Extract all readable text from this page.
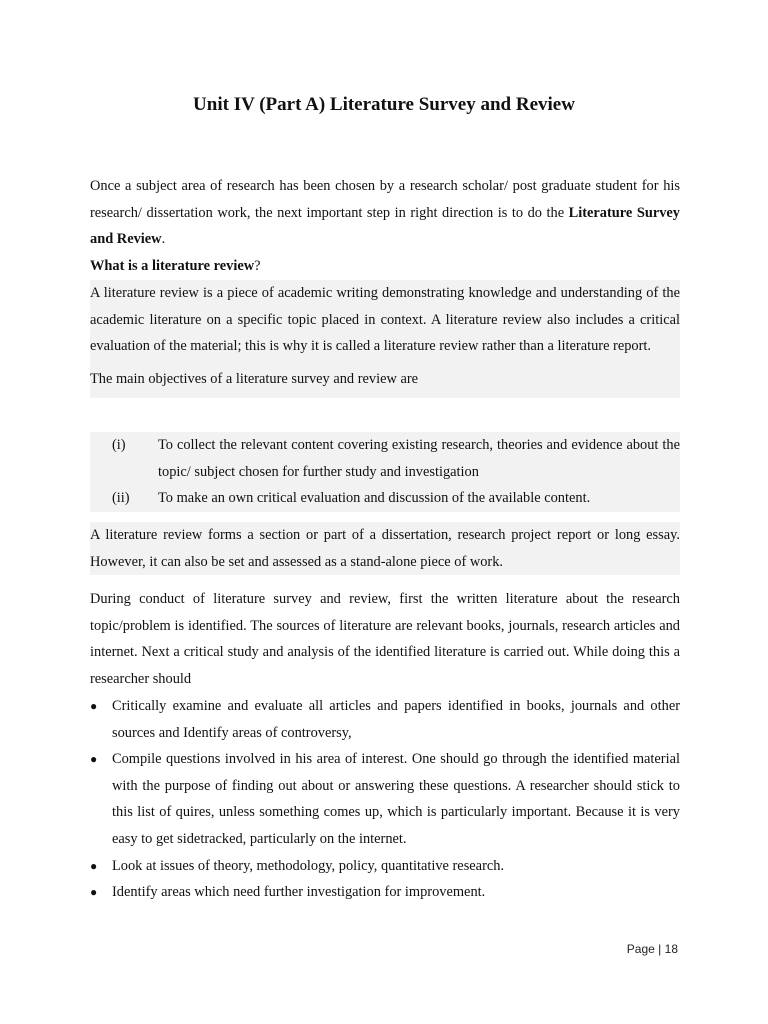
Unit IV (Part A) Literature Survey and Review

Once a subject area of research has been chosen by a research scholar/ post graduate student for his research/ dissertation work, the next important step in right direction is to do the Literature Survey and Review.

What is a literature review?

A literature review is a piece of academic writing demonstrating knowledge and understanding of the academic literature on a specific topic placed in context. A literature review also includes a critical evaluation of the material; this is why it is called a literature review rather than a literature report.

The main objectives of a literature survey and review are

(i)	To collect the relevant content covering existing research, theories and evidence about the topic/ subject chosen for further study and investigation
(ii)	To make an own critical evaluation and discussion of the available content.

A literature review forms a section or part of a dissertation, research project report or long essay. However, it can also be set and assessed as a stand-alone piece of work.

During conduct of literature survey and review, first the written literature about the research topic/problem is identified. The sources of literature are relevant books, journals, research articles and internet. Next a critical study and analysis of the identified literature is carried out. While doing this a researcher should

●	Critically examine and evaluate all articles and papers identified in books, journals and other sources and Identify areas of controversy,
●	Compile questions involved in his area of interest. One should go through the identified material with the purpose of finding out about or answering these questions. A researcher should stick to this list of quires, unless something comes up, which is particularly important. Because it is very easy to get sidetracked, particularly on the internet.
●	Look at issues of theory, methodology, policy, quantitative research.
●	Identify areas which need further investigation for improvement.
Page | 18
